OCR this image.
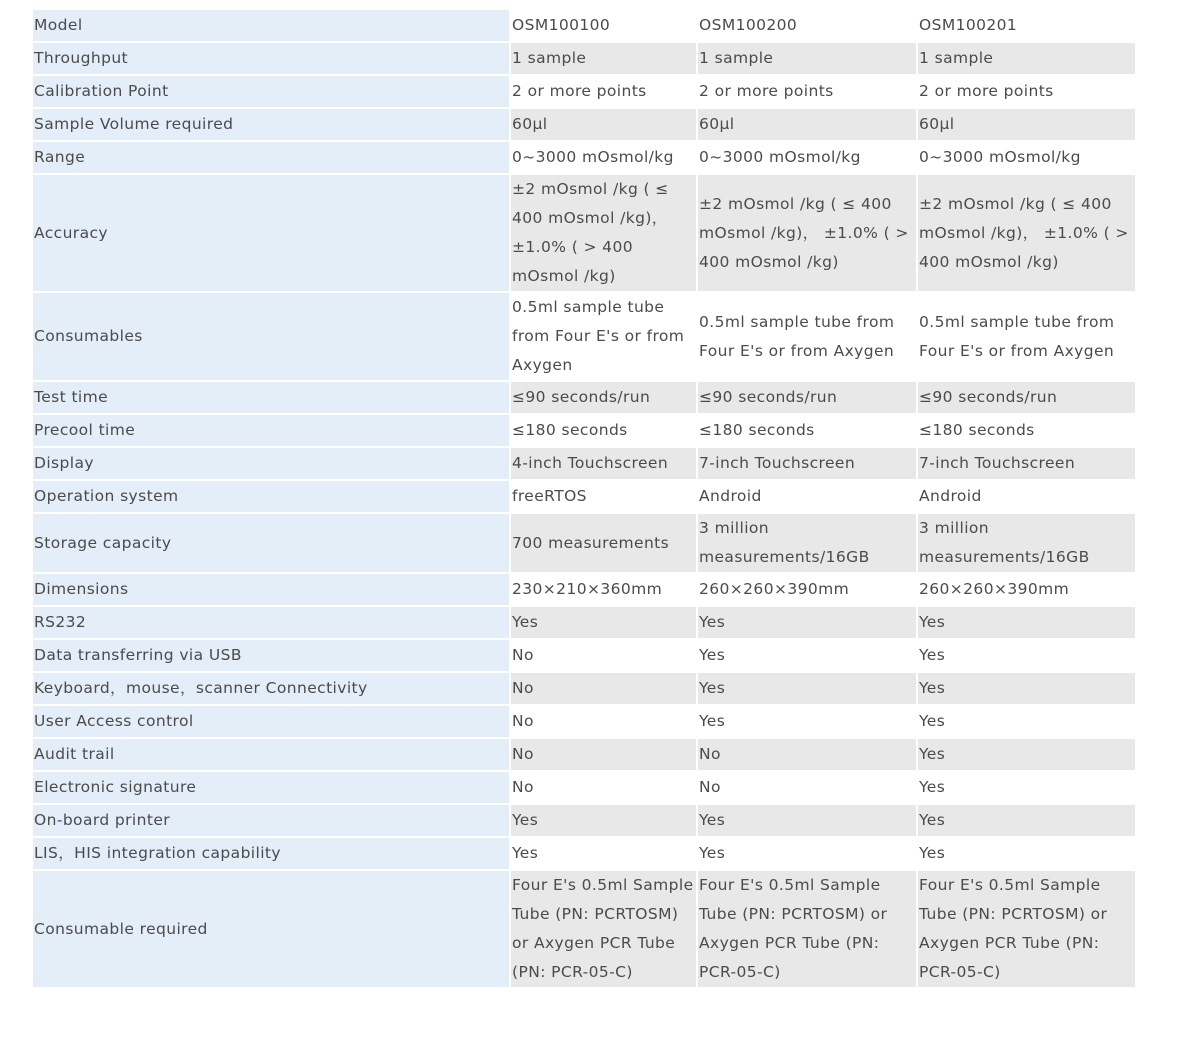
Model	OSM100100	OSM100200	OSM100201
Throughput	1 sample	1 sample	1 sample
Calibration Point	2 or more points	2 or more points	2 or more points
Sample Volume required	60μl	60μl	60μl
Range	0~3000 mOsmol/kg	0~3000 mOsmol/kg	0~3000 mOsmol/kg
Accuracy	±2 mOsmol /kg ( ≤ 400 mOsmol /kg)， ±1.0% ( > 400 mOsmol /kg)	±2 mOsmol /kg ( ≤ 400 mOsmol /kg)， ±1.0% ( > 400 mOsmol /kg)	±2 mOsmol /kg ( ≤ 400 mOsmol /kg)， ±1.0% ( > 400 mOsmol /kg)
Consumables	0.5ml sample tube from Four E's or from Axygen	0.5ml sample tube from Four E's or from Axygen	0.5ml sample tube from Four E's or from Axygen
Test time	≤90 seconds/run	≤90 seconds/run	≤90 seconds/run
Precool time	≤180 seconds	≤180 seconds	≤180 seconds
Display	4-inch Touchscreen	7-inch Touchscreen	7-inch Touchscreen
Operation system	freeRTOS	Android	Android
Storage capacity	700 measurements	3 million measurements/16GB	3 million measurements/16GB
Dimensions	230×210×360mm	260×260×390mm	260×260×390mm
RS232	Yes	Yes	Yes
Data transferring via USB	No	Yes	Yes
Keyboard，mouse，scanner Connectivity	No	Yes	Yes
User Access control	No	Yes	Yes
Audit trail	No	No	Yes
Electronic signature	No	No	Yes
On-board printer	Yes	Yes	Yes
LIS，HIS integration capability	Yes	Yes	Yes
Consumable required	Four E's 0.5ml Sample Tube (PN: PCRTOSM) or Axygen PCR Tube (PN: PCR-05-C)	Four E's 0.5ml Sample Tube (PN: PCRTOSM) or Axygen PCR Tube (PN: PCR-05-C)	Four E's 0.5ml Sample Tube (PN: PCRTOSM) or Axygen PCR Tube (PN: PCR-05-C)
